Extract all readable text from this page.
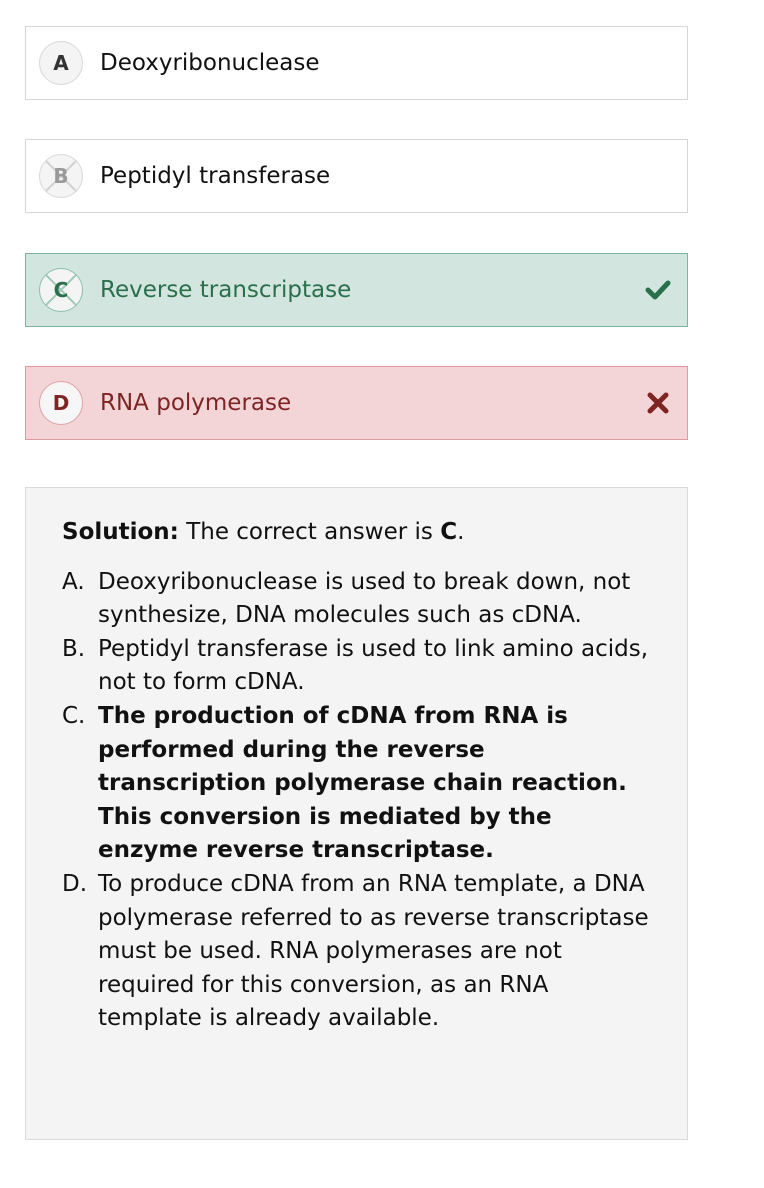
A Deoxyribonuclease
B Peptidyl transferase
C Reverse transcriptase
D RNA polymerase

Solution: The correct answer is C.

A. Deoxyribonuclease is used to break down, not synthesize, DNA molecules such as cDNA.
B. Peptidyl transferase is used to link amino acids, not to form cDNA.
C. The production of cDNA from RNA is performed during the reverse transcription polymerase chain reaction. This conversion is mediated by the enzyme reverse transcriptase.
D. To produce cDNA from an RNA template, a DNA polymerase referred to as reverse transcriptase must be used. RNA polymerases are not required for this conversion, as an RNA template is already available.
